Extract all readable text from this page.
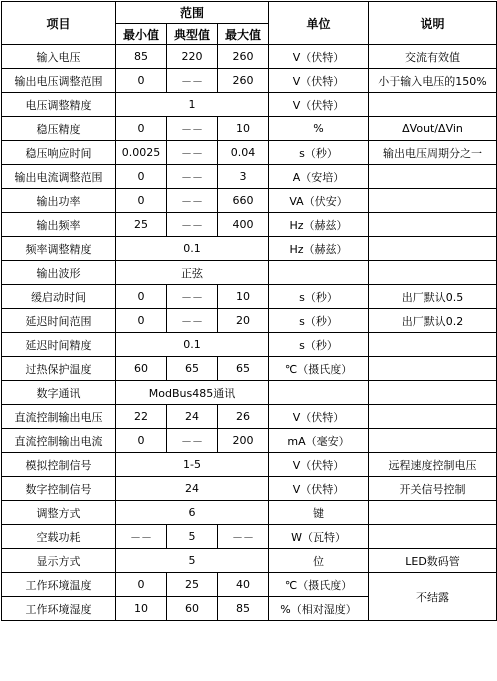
项目	范围			单位	说明
	最小值	典型值	最大值		
输入电压	85	220	260	V（伏特）	交流有效值
输出电压调整范围	0	－－	260	V（伏特）	小于输入电压的150%
电压调整精度	1			V（伏特）	
稳压精度	0	－－	10	%	ΔVout/ΔVin
稳压响应时间	0.0025	－－	0.04	s（秒）	输出电压周期分之一
输出电流调整范围	0	－－	3	A（安培）	
输出功率	0	－－	660	VA（伏安）	
输出频率	25	－－	400	Hz（赫兹）	
频率调整精度	0.1			Hz（赫兹）	
输出波形	正弦				
缓启动时间	0	－－	10	s（秒）	出厂默认0.5
延迟时间范围	0	－－	20	s（秒）	出厂默认0.2
延迟时间精度	0.1			s（秒）	
过热保护温度	60	65	65	℃（摄氏度）	
数字通讯	ModBus485通讯				
直流控制输出电压	22	24	26	V（伏特）	
直流控制输出电流	0	－－	200	mA（毫安）	
模拟控制信号	1-5			V（伏特）	远程速度控制电压
数字控制信号	24			V（伏特）	开关信号控制
调整方式	6			键	
空载功耗	－－	5	－－	W（瓦特）	
显示方式	5			位	LED数码管
工作环境温度	0	25	40	℃（摄氏度）	不结露
工作环境湿度	10	60	85	%（相对湿度）	
